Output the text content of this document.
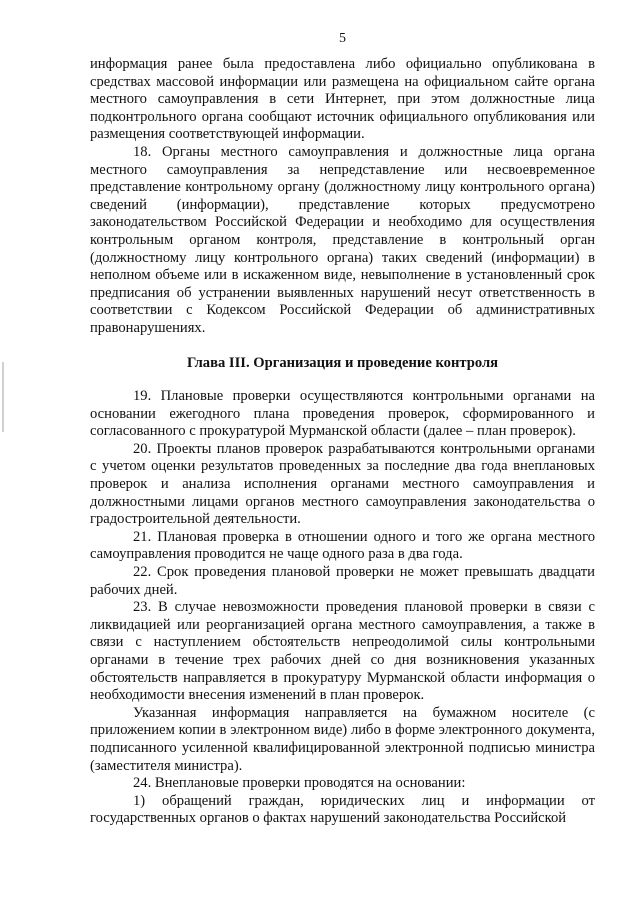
5

информация ранее была предоставлена либо официально опубликована в средствах массовой информации или размещена на официальном сайте органа местного самоуправления в сети Интернет, при этом должностные лица подконтрольного органа сообщают источник официального опубликования или размещения соответствующей информации.

18. Органы местного самоуправления и должностные лица органа местного самоуправления за непредставление или несвоевременное представление контрольному органу (должностному лицу контрольного органа) сведений (информации), представление которых предусмотрено законодательством Российской Федерации и необходимо для осуществления контрольным органом контроля, представление в контрольный орган (должностному лицу контрольного органа) таких сведений (информации) в неполном объеме или в искаженном виде, невыполнение в установленный срок предписания об устранении выявленных нарушений несут ответственность в соответствии с Кодексом Российской Федерации об административных правонарушениях.

Глава III. Организация и проведение контроля

19. Плановые проверки осуществляются контрольными органами на основании ежегодного плана проведения проверок, сформированного и согласованного с прокуратурой Мурманской области (далее – план проверок).

20. Проекты планов проверок разрабатываются контрольными органами с учетом оценки результатов проведенных за последние два года внеплановых проверок и анализа исполнения органами местного самоуправления и должностными лицами органов местного самоуправления законодательства о градостроительной деятельности.

21. Плановая проверка в отношении одного и того же органа местного самоуправления проводится не чаще одного раза в два года.

22. Срок проведения плановой проверки не может превышать двадцати рабочих дней.

23. В случае невозможности проведения плановой проверки в связи с ликвидацией или реорганизацией органа местного самоуправления, а также в связи с наступлением обстоятельств непреодолимой силы контрольными органами в течение трех рабочих дней со дня возникновения указанных обстоятельств направляется в прокуратуру Мурманской области информация о необходимости внесения изменений в план проверок.

Указанная информация направляется на бумажном носителе (с приложением копии в электронном виде) либо в форме электронного документа, подписанного усиленной квалифицированной электронной подписью министра (заместителя министра).

24. Внеплановые проверки проводятся на основании:

1) обращений граждан, юридических лиц и информации от государственных органов о фактах нарушений законодательства Российской
